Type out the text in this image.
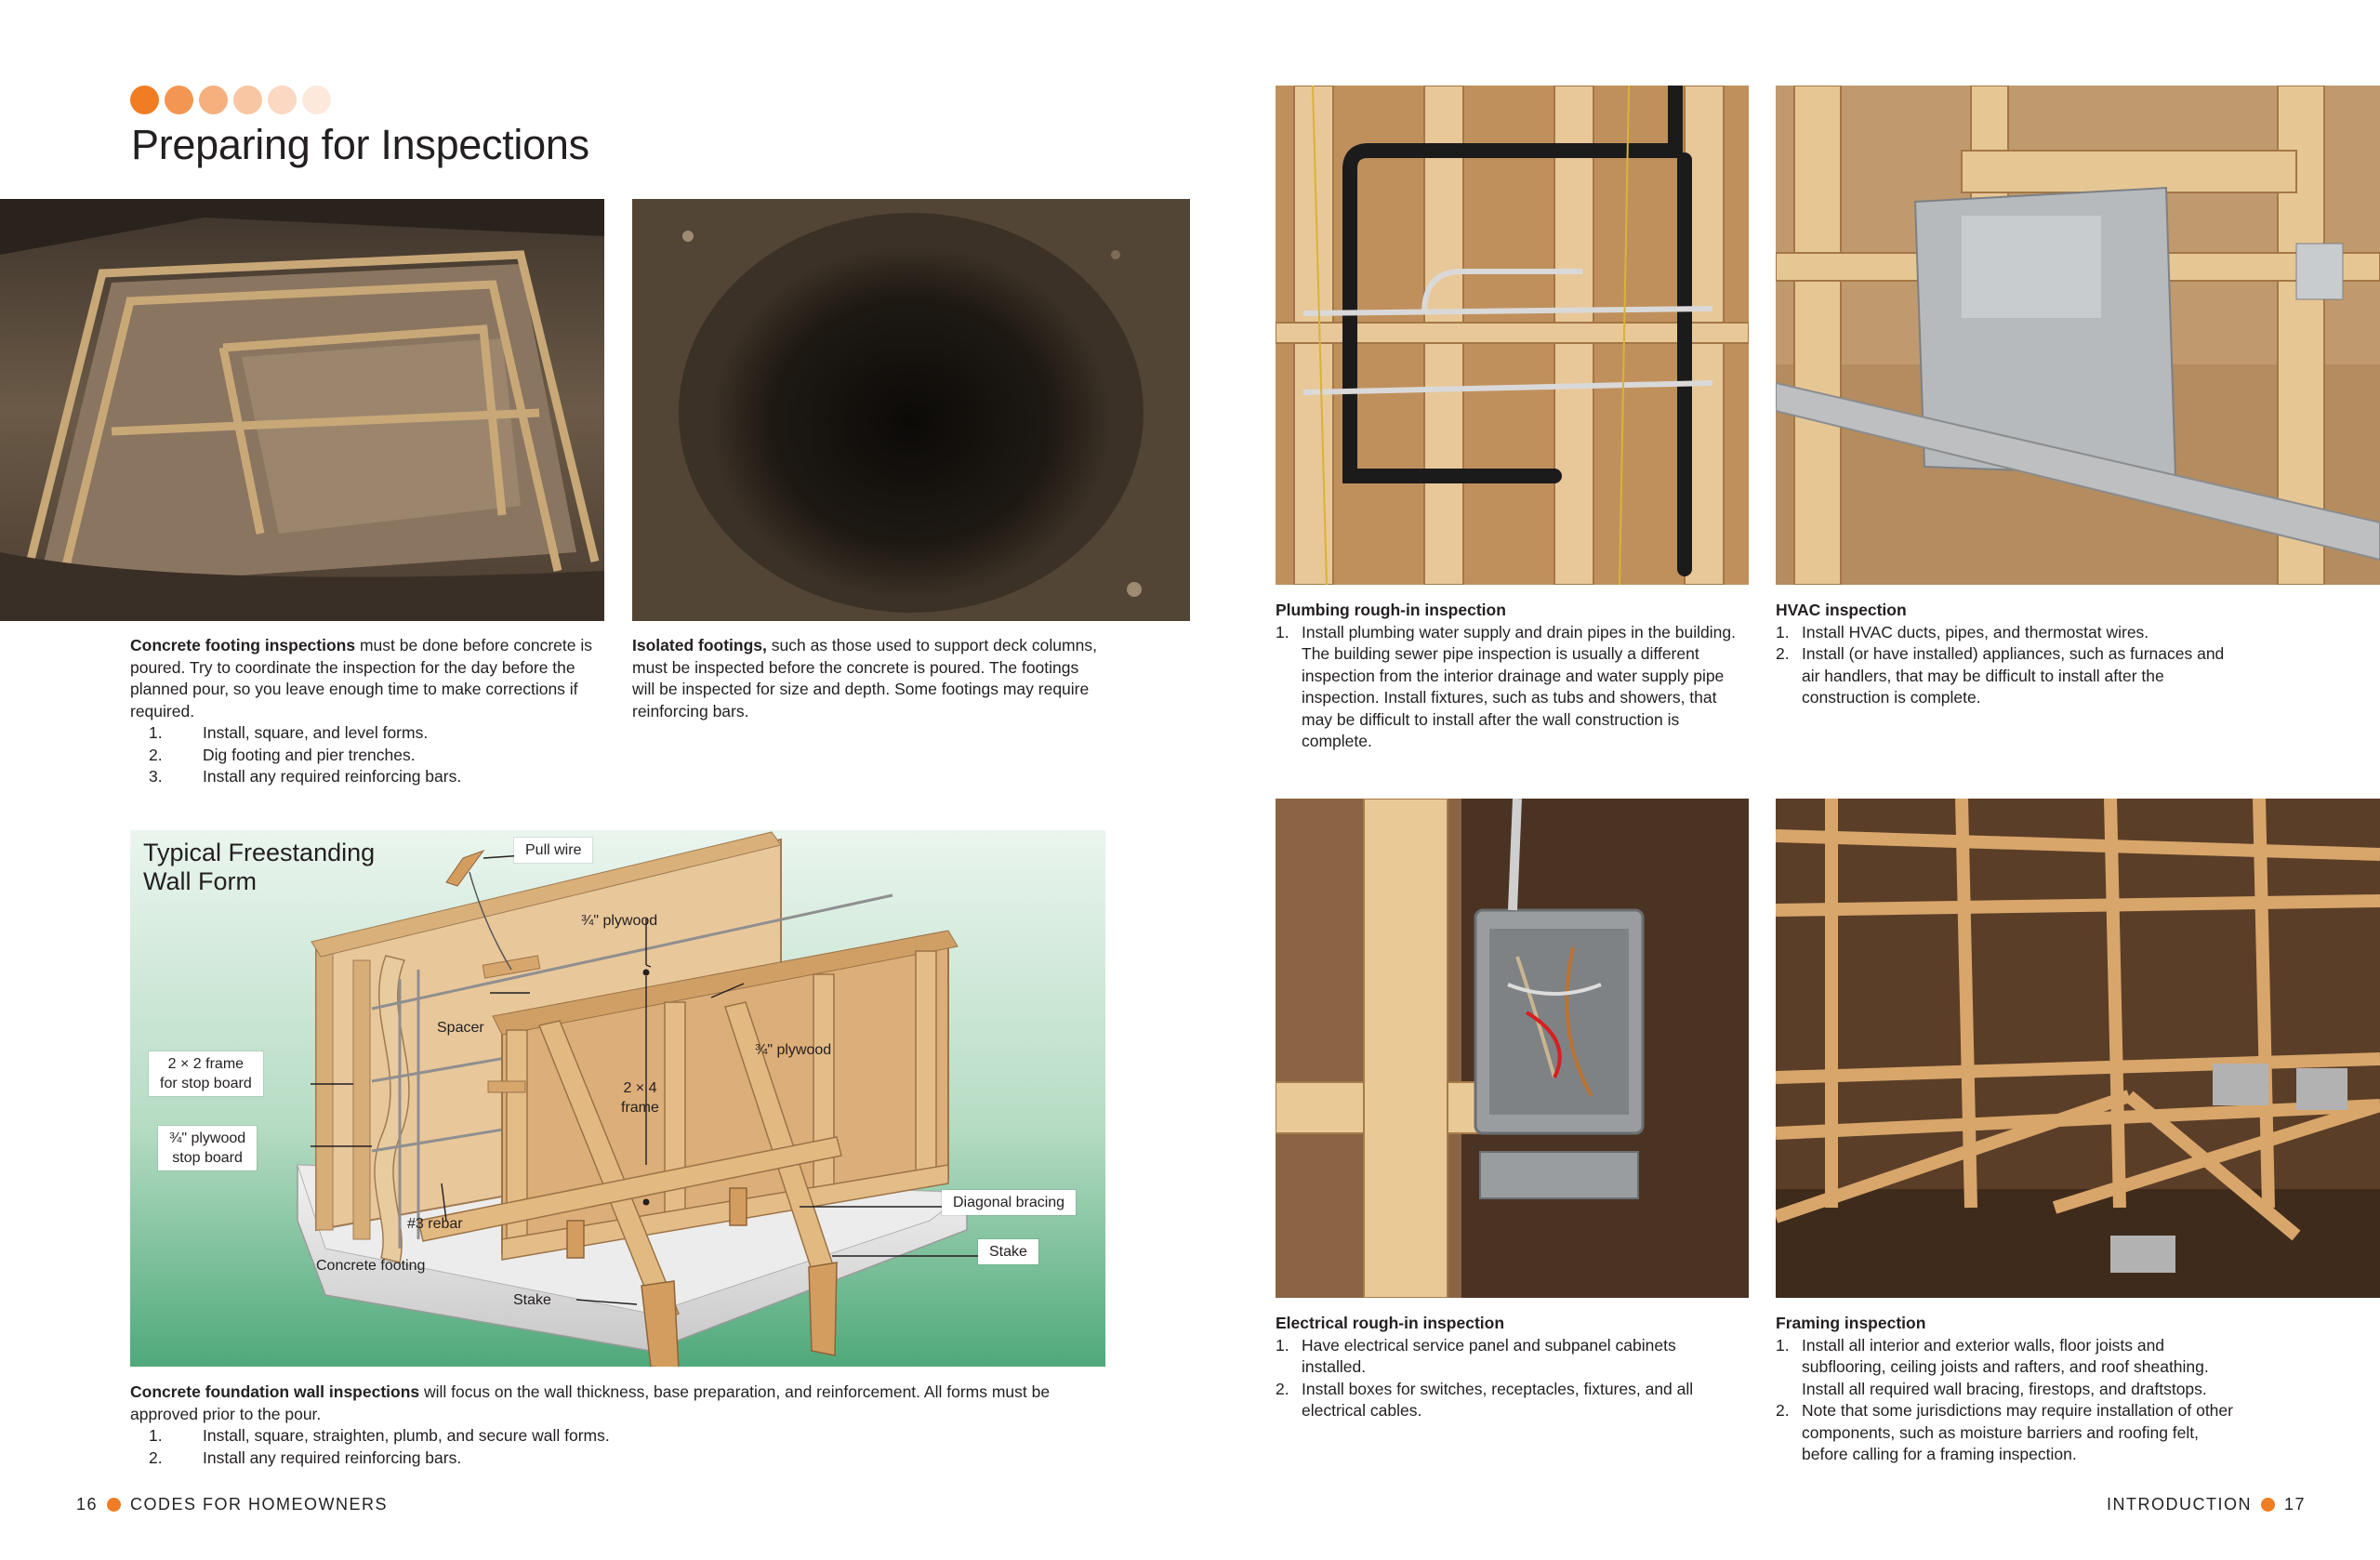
Preparing for Inspections
Concrete footing inspections must be done before concrete is poured. Try to coordinate the inspection for the day before the planned pour, so you leave enough time to make corrections if required.
1.	Install, square, and level forms.
2.	Dig footing and pier trenches.
3.	Install any required reinforcing bars.
Isolated footings, such as those used to support deck columns, must be inspected before the concrete is poured. The footings will be inspected for size and depth. Some footings may require reinforcing bars.
Typical Freestanding
Wall Form
Pull wire
¾" plywood
Spacer
¾" plywood
2 × 4
frame
2 × 2 frame
for stop board
¾" plywood
stop board
#3 rebar
Diagonal bracing
Stake
Concrete footing
Stake
Concrete foundation wall inspections will focus on the wall thickness, base preparation, and reinforcement. All forms must be approved prior to the pour.
1.	Install, square, straighten, plumb, and secure wall forms.
2.	Install any required reinforcing bars.
Plumbing rough-in inspection
1. Install plumbing water supply and drain pipes in the building. The building sewer pipe inspection is usually a different inspection from the interior drainage and water supply pipe inspection. Install fixtures, such as tubs and showers, that may be difficult to install after the wall construction is complete.
HVAC inspection
1. Install HVAC ducts, pipes, and thermostat wires.
2. Install (or have installed) appliances, such as furnaces and air handlers, that may be difficult to install after the construction is complete.
Electrical rough-in inspection
1. Have electrical service panel and subpanel cabinets installed.
2. Install boxes for switches, receptacles, fixtures, and all electrical cables.
Framing inspection
1. Install all interior and exterior walls, floor joists and subflooring, ceiling joists and rafters, and roof sheathing. Install all required wall bracing, firestops, and draftstops.
2. Note that some jurisdictions may require installation of other components, such as moisture barriers and roofing felt, before calling for a framing inspection.
16 CODES FOR HOMEOWNERS	INTRODUCTION 17
